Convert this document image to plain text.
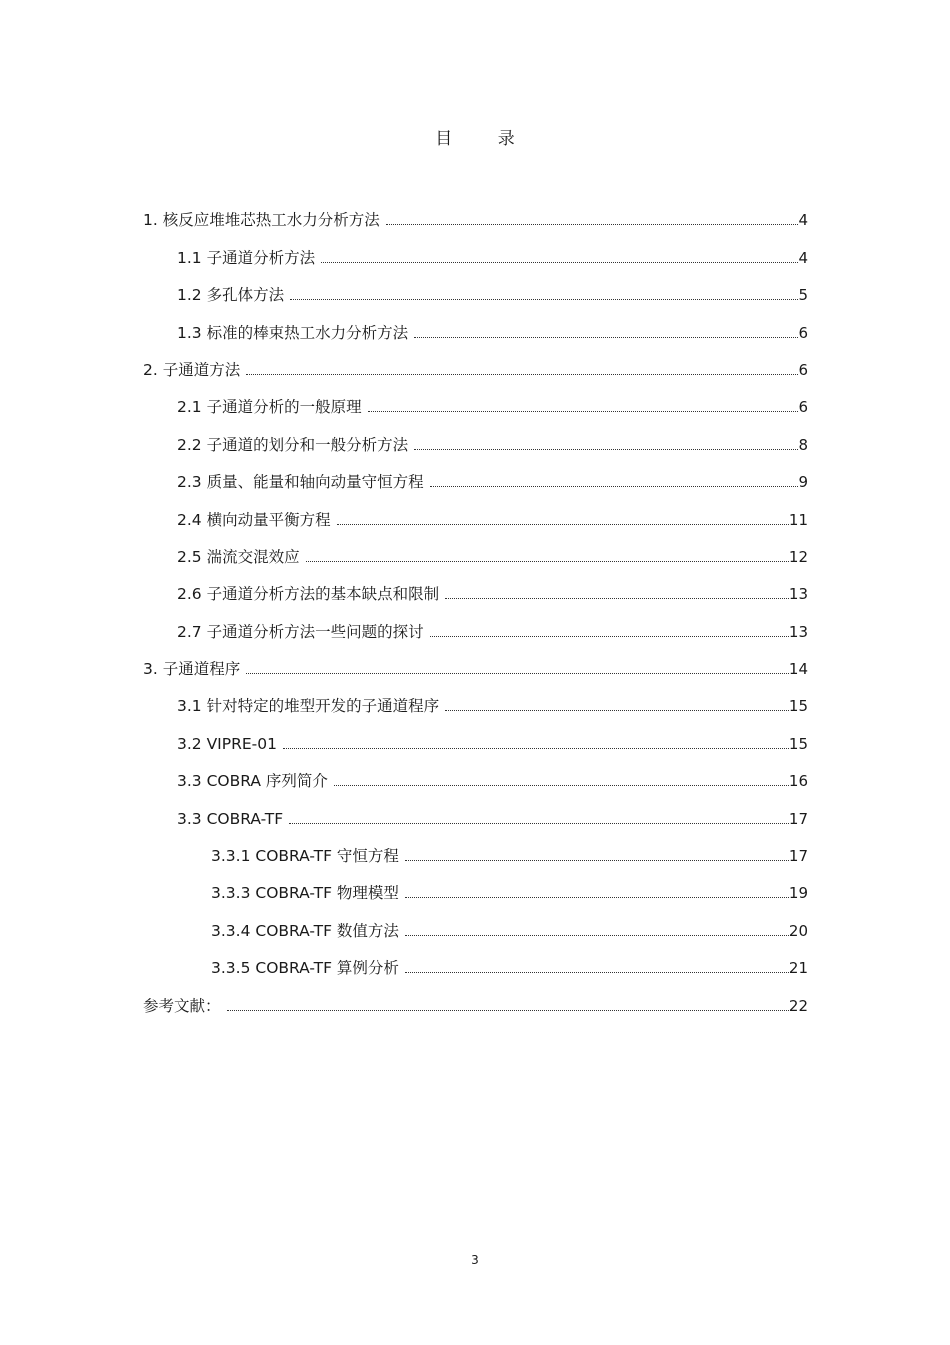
目 录
1. 核反应堆堆芯热工水力分析方法	4
1.1 子通道分析方法	4
1.2 多孔体方法	5
1.3 标准的棒束热工水力分析方法	6
2. 子通道方法	6
2.1 子通道分析的一般原理	6
2.2 子通道的划分和一般分析方法	8
2.3 质量、能量和轴向动量守恒方程	9
2.4 横向动量平衡方程	11
2.5 湍流交混效应	12
2.6 子通道分析方法的基本缺点和限制	13
2.7 子通道分析方法一些问题的探讨	13
3. 子通道程序	14
3.1 针对特定的堆型开发的子通道程序	15
3.2 VIPRE-01	15
3.3 COBRA 序列简介	16
3.3 COBRA-TF	17
3.3.1 COBRA-TF 守恒方程	17
3.3.3 COBRA-TF 物理模型	19
3.3.4 COBRA-TF 数值方法	20
3.3.5 COBRA-TF 算例分析	21
参考文献：	22
3
